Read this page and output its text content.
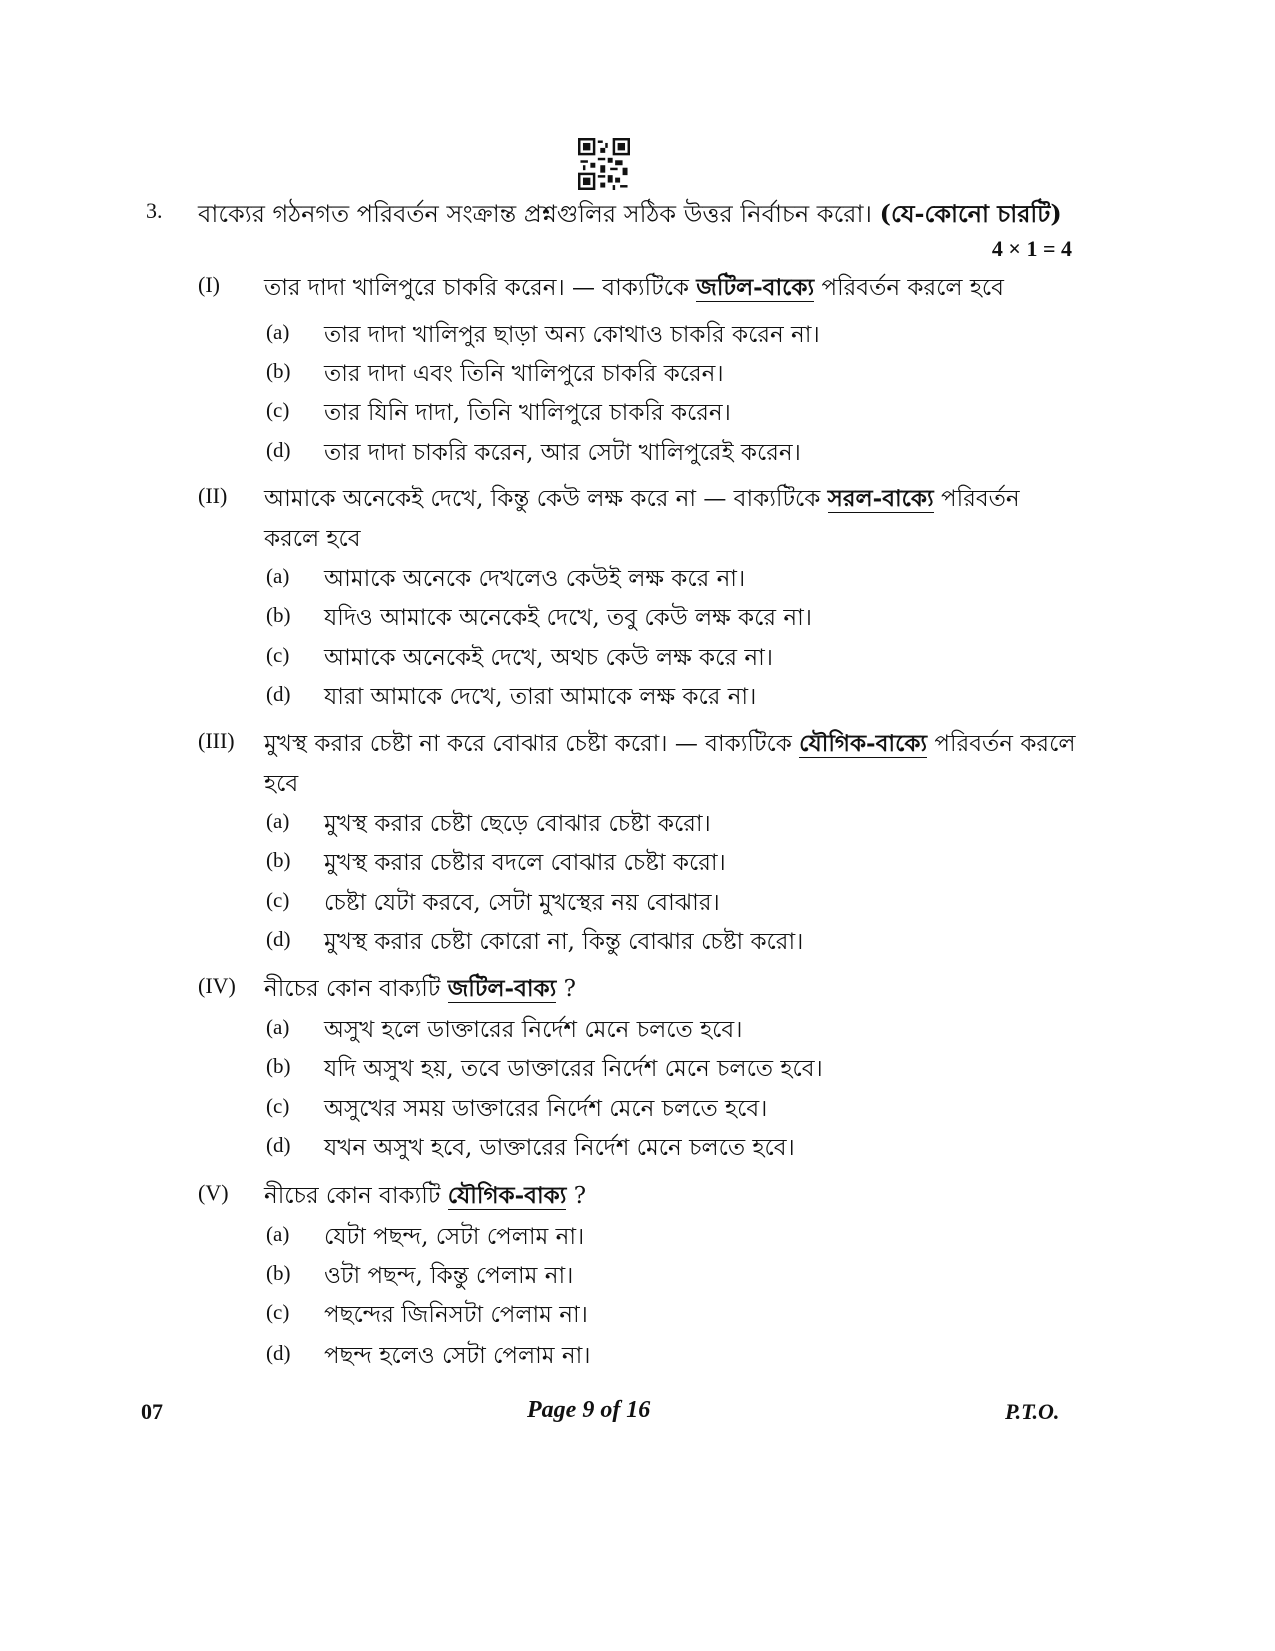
3. বাক্যের গঠনগত পরিবর্তন সংক্রান্ত প্রশ্নগুলির সঠিক উত্তর নির্বাচন করো। (যে-কোনো চারটি)
4 × 1 = 4
(I) তার দাদা খালিপুরে চাকরি করেন। — বাক্যটিকে জটিল-বাক্যে পরিবর্তন করলে হবে
(II) আমাকে অনেকেই দেখে, কিন্তু কেউ লক্ষ করে না — বাক্যটিকে সরল-বাক্যে পরিবর্তন করলে হবে
(III) মুখস্থ করার চেষ্টা না করে বোঝার চেষ্টা করো। — বাক্যটিকে যৌগিক-বাক্যে পরিবর্তন করলে হবে
(IV) নীচের কোন বাক্যটি জটিল-বাক্য ?
(V) নীচের কোন বাক্যটি যৌগিক-বাক্য ?
07	Page 9 of 16	P.T.O.
(a) তার দাদা খালিপুর ছাড়া অন্য কোথাও চাকরি করেন না।
(b) তার দাদা এবং তিনি খালিপুরে চাকরি করেন।
(c) তার যিনি দাদা, তিনি খালিপুরে চাকরি করেন।
(d) তার দাদা চাকরি করেন, আর সেটা খালিপুরেই করেন।
(a) আমাকে অনেকে দেখলেও কেউই লক্ষ করে না।
(b) যদিও আমাকে অনেকেই দেখে, তবু কেউ লক্ষ করে না।
(c) আমাকে অনেকেই দেখে, অথচ কেউ লক্ষ করে না।
(d) যারা আমাকে দেখে, তারা আমাকে লক্ষ করে না।
(a) মুখস্থ করার চেষ্টা ছেড়ে বোঝার চেষ্টা করো।
(b) মুখস্থ করার চেষ্টার বদলে বোঝার চেষ্টা করো।
(c) চেষ্টা যেটা করবে, সেটা মুখস্থের নয় বোঝার।
(d) মুখস্থ করার চেষ্টা কোরো না, কিন্তু বোঝার চেষ্টা করো।
(a) অসুখ হলে ডাক্তারের নির্দেশ মেনে চলতে হবে।
(b) যদি অসুখ হয়, তবে ডাক্তারের নির্দেশ মেনে চলতে হবে।
(c) অসুখের সময় ডাক্তারের নির্দেশ মেনে চলতে হবে।
(d) যখন অসুখ হবে, ডাক্তারের নির্দেশ মেনে চলতে হবে।
(a) যেটা পছন্দ, সেটা পেলাম না।
(b) ওটা পছন্দ, কিন্তু পেলাম না।
(c) পছন্দের জিনিসটা পেলাম না।
(d) পছন্দ হলেও সেটা পেলাম না।
